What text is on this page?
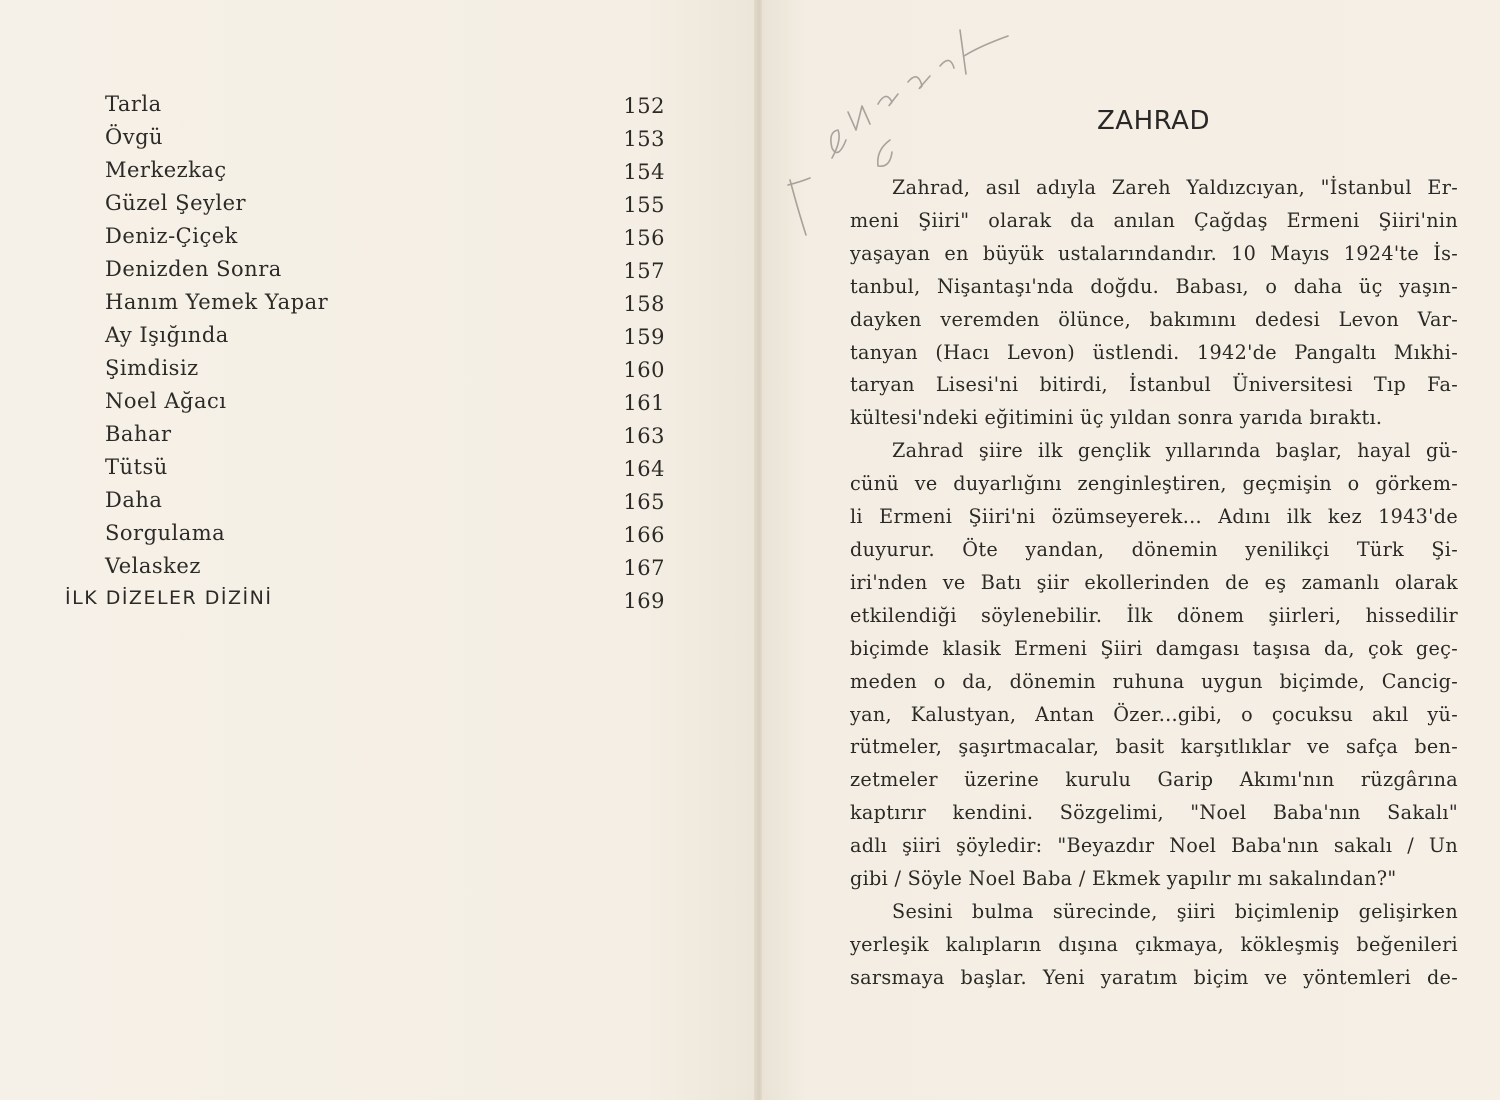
Tarla	152
Övgü	153
Merkezkaç	154
Güzel Şeyler	155
Deniz-Çiçek	156
Denizden Sonra	157
Hanım Yemek Yapar	158
Ay Işığında	159
Şimdisiz	160
Noel Ağacı	161
Bahar	163
Tütsü	164
Daha	165
Sorgulama	166
Velaskez	167
İLK DİZELER DİZİNİ	169
ZAHRAD
Zahrad, asıl adıyla Zareh Yaldızcıyan, "İstanbul Er-
meni Şiiri" olarak da anılan Çağdaş Ermeni Şiiri'nin
yaşayan en büyük ustalarındandır. 10 Mayıs 1924'te İs-
tanbul, Nişantaşı'nda doğdu. Babası, o daha üç yaşın-
dayken veremden ölünce, bakımını dedesi Levon Var-
tanyan (Hacı Levon) üstlendi. 1942'de Pangaltı Mıkhi-
taryan Lisesi'ni bitirdi, İstanbul Üniversitesi Tıp Fa-
kültesi'ndeki eğitimini üç yıldan sonra yarıda bıraktı.
Zahrad şiire ilk gençlik yıllarında başlar, hayal gü-
cünü ve duyarlığını zenginleştiren, geçmişin o görkem-
li Ermeni Şiiri'ni özümseyerek... Adını ilk kez 1943'de
duyurur. Öte yandan, dönemin yenilikçi Türk Şi-
iri'nden ve Batı şiir ekollerinden de eş zamanlı olarak
etkilendiği söylenebilir. İlk dönem şiirleri, hissedilir
biçimde klasik Ermeni Şiiri damgası taşısa da, çok geç-
meden o da, dönemin ruhuna uygun biçimde, Cancig-
yan, Kalustyan, Antan Özer...gibi, o çocuksu akıl yü-
rütmeler, şaşırtmacalar, basit karşıtlıklar ve safça ben-
zetmeler üzerine kurulu Garip Akımı'nın rüzgârına
kaptırır kendini. Sözgelimi, "Noel Baba'nın Sakalı"
adlı şiiri şöyledir: "Beyazdır Noel Baba'nın sakalı / Un
gibi / Söyle Noel Baba / Ekmek yapılır mı sakalından?"
Sesini bulma sürecinde, şiiri biçimlenip gelişirken
yerleşik kalıpların dışına çıkmaya, kökleşmiş beğenileri
sarsmaya başlar. Yeni yaratım biçim ve yöntemleri de-
